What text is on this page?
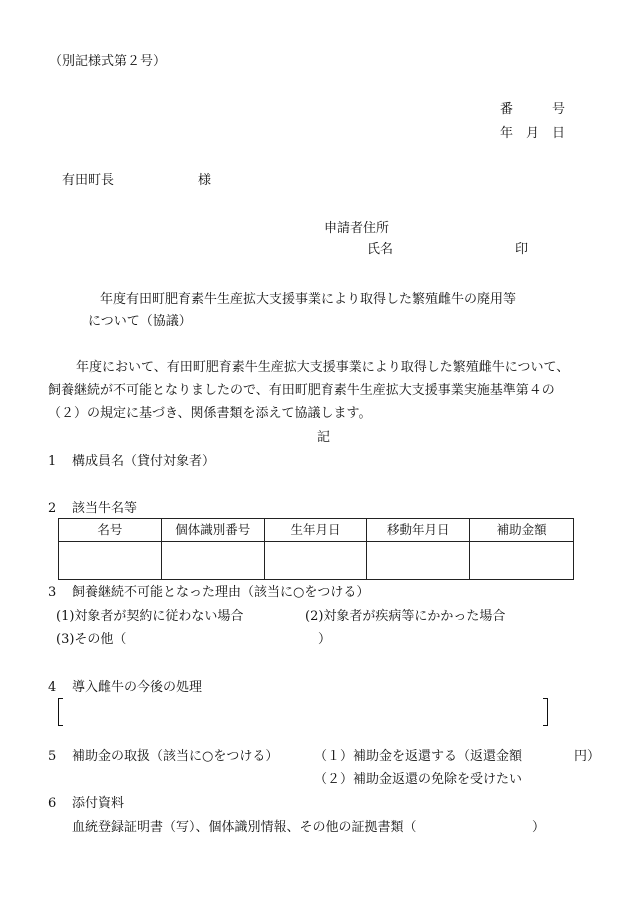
（別記様式第２号）
番　　　号
年　月　日
有田町長	様
申請者住所
氏名	印
年度有田町肥育素牛生産拡大支援事業により取得した繁殖雌牛の廃用等
について（協議）
年度において、有田町肥育素牛生産拡大支援事業により取得した繁殖雌牛について、
飼養継続が不可能となりましたので、有田町肥育素牛生産拡大支援事業実施基準第４の
（２）の規定に基づき、関係書類を添えて協議します。
記
1 構成員名（貸付対象者）
2 該当牛名等
名号	個体識別番号	生年月日	移動年月日	補助金額
3 飼養継続不可能となった理由（該当に○をつける）
(1)対象者が契約に従わない場合	(2)対象者が疾病等にかかった場合
(3)その他（	）
4 導入雌牛の今後の処理
5 補助金の取扱（該当に○をつける）	（１）補助金を返還する（返還金額	円）
（２）補助金返還の免除を受けたい
6 添付資料
血統登録証明書（写）、個体識別情報、その他の証拠書類（	）
